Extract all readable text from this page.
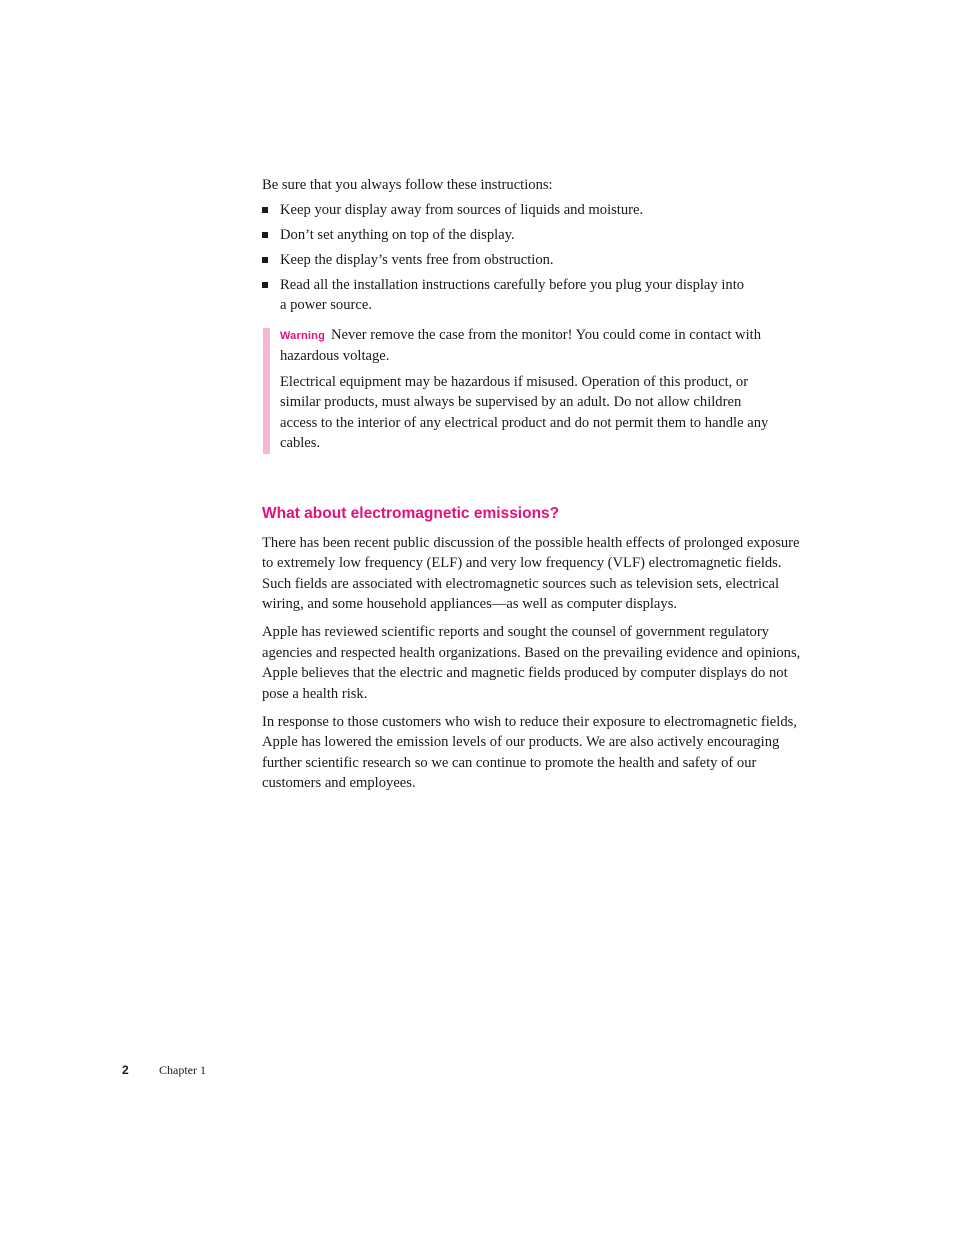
Be sure that you always follow these instructions:

Keep your display away from sources of liquids and moisture.
Don’t set anything on top of the display.
Keep the display’s vents free from obstruction.
Read all the installation instructions carefully before you plug your display into a power source.

Warning Never remove the case from the monitor! You could come in contact with hazardous voltage.

Electrical equipment may be hazardous if misused. Operation of this product, or similar products, must always be supervised by an adult. Do not allow children access to the interior of any electrical product and do not permit them to handle any cables.

What about electromagnetic emissions?

There has been recent public discussion of the possible health effects of prolonged exposure to extremely low frequency (ELF) and very low frequency (VLF) electromagnetic fields. Such fields are associated with electromagnetic sources such as television sets, electrical wiring, and some household appliances—as well as computer displays.

Apple has reviewed scientific reports and sought the counsel of government regulatory agencies and respected health organizations. Based on the prevailing evidence and opinions, Apple believes that the electric and magnetic fields produced by computer displays do not pose a health risk.

In response to those customers who wish to reduce their exposure to electromagnetic fields, Apple has lowered the emission levels of our products. We are also actively encouraging further scientific research so we can continue to promote the health and safety of our customers and employees.

2	Chapter 1
